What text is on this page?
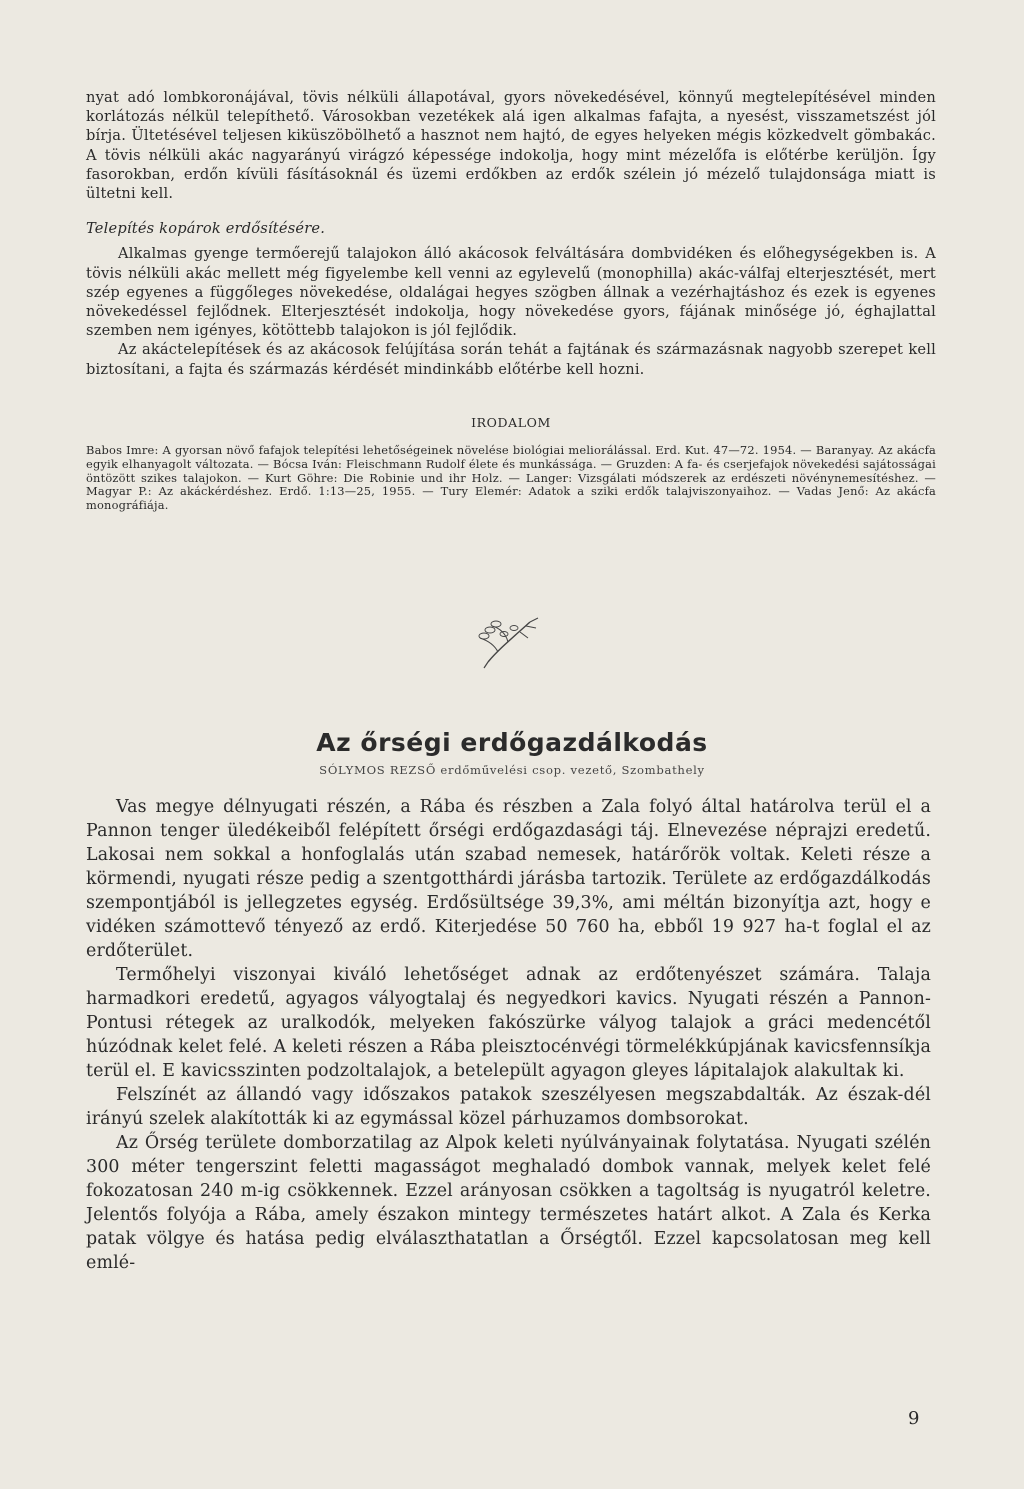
nyat adó lombkoronájával, tövis nélküli állapotával, gyors növekedésével, könnyű megtelepítésével minden korlátozás nélkül telepíthető. Városokban vezetékek alá igen alkalmas fafajta, a nyesést, visszametszést jól bírja. Ültetésével teljesen kiküszöbölhető a hasznot nem hajtó, de egyes helyeken mégis közkedvelt gömbakác. A tövis nélküli akác nagyarányú virágzó képessége indokolja, hogy mint mézelőfa is előtérbe kerüljön. Így fasorokban, erdőn kívüli fásításoknál és üzemi erdőkben az erdők szélein jó mézelő tulajdonsága miatt is ültetni kell.

Telepítés kopárok erdősítésére.

Alkalmas gyenge termőerejű talajokon álló akácosok felváltására dombvidéken és előhegységekben is. A tövis nélküli akác mellett még figyelembe kell venni az egylevelű (monophilla) akác-válfaj elterjesztését, mert szép egyenes a függőleges növekedése, oldalágai hegyes szögben állnak a vezérhajtáshoz és ezek is egyenes növekedéssel fejlődnek. Elterjesztését indokolja, hogy növekedése gyors, fájának minősége jó, éghajlattal szemben nem igényes, kötöttebb talajokon is jól fejlődik.

Az akáctelepítések és az akácosok felújítása során tehát a fajtának és származásnak nagyobb szerepet kell biztosítani, a fajta és származás kérdését mindinkább előtérbe kell hozni.

IRODALOM
Babos Imre: A gyorsan növő fafajok telepítési lehetőségeinek növelése biológiai meliorálással. Erd. Kut. 47—72. 1954. — Baranyay. Az akácfa egyik elhanyagolt változata. — Bócsa Iván: Fleischmann Rudolf élete és munkássága. — Gruzden: A fa- és cserjefajok növekedési sajátosságai öntözött szikes talajokon. — Kurt Göhre: Die Robinie und ihr Holz. — Langer: Vizsgálati módszerek az erdészeti növénynemesítéshez. — Magyar P.: Az akáckérdéshez. Erdő. 1:13—25, 1955. — Tury Elemér: Adatok a sziki erdők talajviszonyaihoz. — Vadas Jenő: Az akácfa monográfiája.
Az őrségi erdőgazdálkodás
SÓLYMOS REZSŐ erdőművelési csop. vezető, Szombathely

Vas megye délnyugati részén, a Rába és részben a Zala folyó által határolva terül el a Pannon tenger üledékeiből felépített őrségi erdőgazdasági táj. Elnevezése néprajzi eredetű. Lakosai nem sokkal a honfoglalás után szabad nemesek, határőrök voltak. Keleti része a körmendi, nyugati része pedig a szentgotthárdi járásba tartozik. Területe az erdőgazdálkodás szempontjából is jellegzetes egység. Erdősültsége 39,3%, ami méltán bizonyítja azt, hogy e vidéken számottevő tényező az erdő. Kiterjedése 50 760 ha, ebből 19 927 ha-t foglal el az erdőterület.

Termőhelyi viszonyai kiváló lehetőséget adnak az erdőtenyészet számára. Talaja harmadkori eredetű, agyagos vályogtalaj és negyedkori kavics. Nyugati részén a Pannon-Pontusi rétegek az uralkodók, melyeken fakószürke vályog talajok a gráci medencétől húzódnak kelet felé. A keleti részen a Rába pleisztocénvégi törmelékkúpjának kavicsfennsíkja terül el. E kavicsszinten podzoltalajok, a betelepült agyagon gleyes lápitalajok alakultak ki.

Felszínét az állandó vagy időszakos patakok szeszélyesen megszabdalták. Az észak-dél irányú szelek alakították ki az egymással közel párhuzamos dombsorokat.

Az Őrség területe domborzatilag az Alpok keleti nyúlványainak folytatása. Nyugati szélén 300 méter tengerszint feletti magasságot meghaladó dombok vannak, melyek kelet felé fokozatosan 240 m-ig csökkennek. Ezzel arányosan csökken a tagoltság is nyugatról keletre. Jelentős folyója a Rába, amely északon mintegy természetes határt alkot. A Zala és Kerka patak völgye és hatása pedig elválaszthatatlan a Őrségtől. Ezzel kapcsolatosan meg kell emlé-

9
